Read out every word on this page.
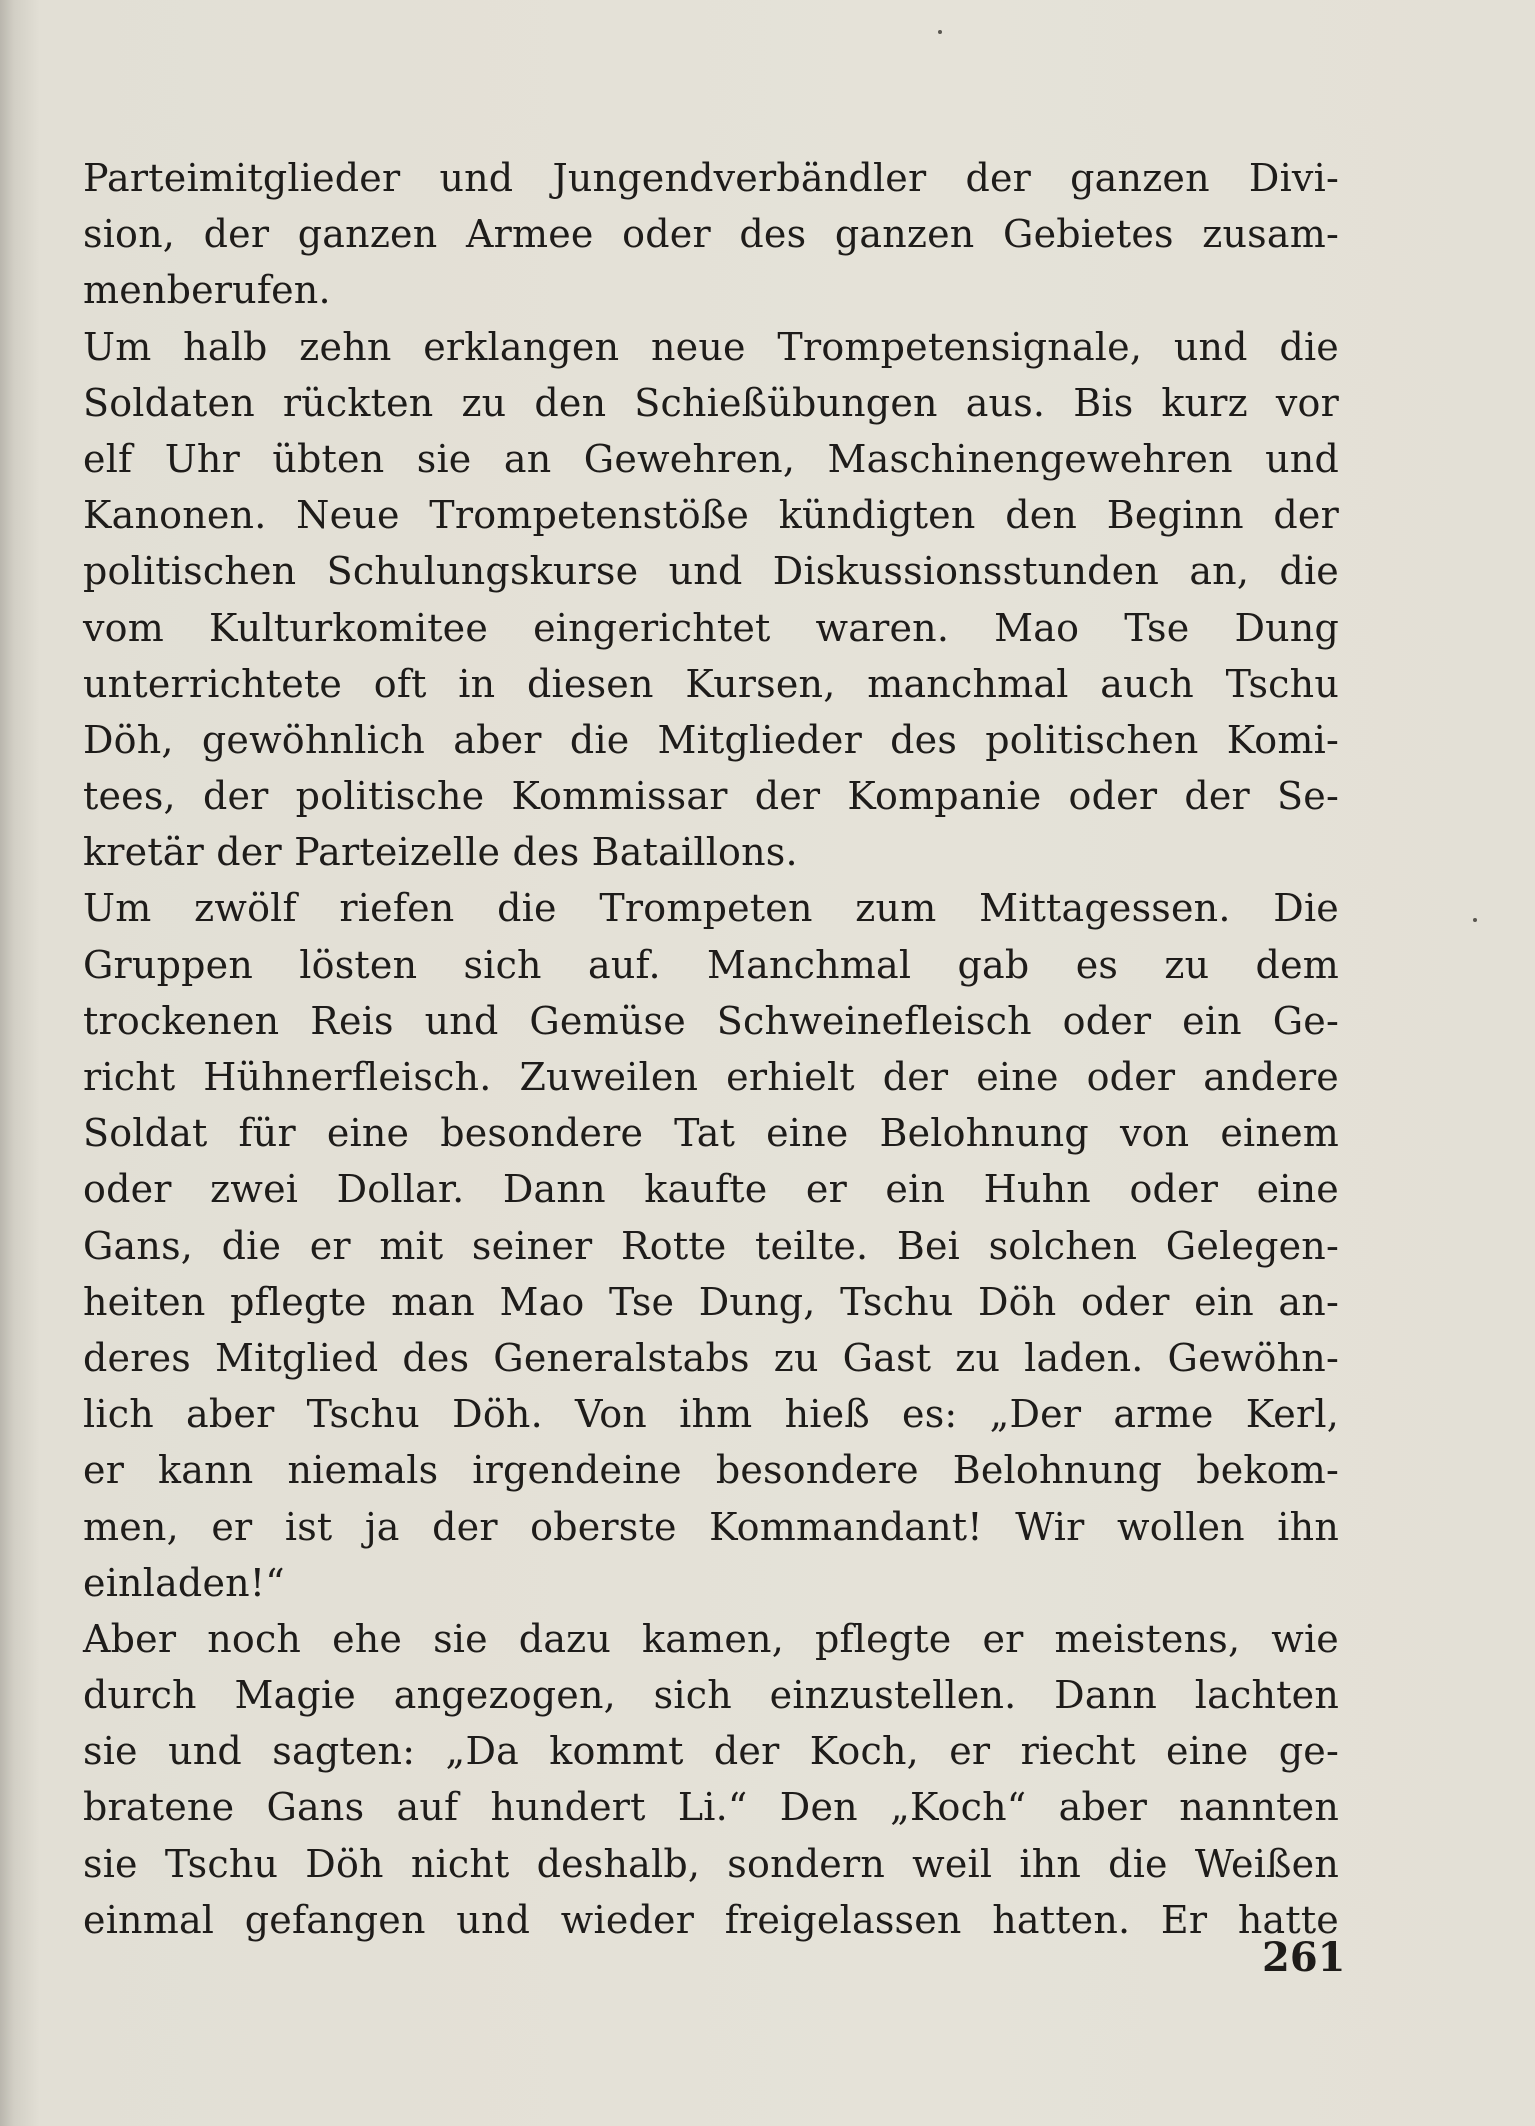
Parteimitglieder und Jungendverbändler der ganzen Divi-
sion, der ganzen Armee oder des ganzen Gebietes zusam-
menberufen.
Um halb zehn erklangen neue Trompetensignale, und die
Soldaten rückten zu den Schießübungen aus. Bis kurz vor
elf Uhr übten sie an Gewehren, Maschinengewehren und
Kanonen. Neue Trompetenstöße kündigten den Beginn der
politischen Schulungskurse und Diskussionsstunden an, die
vom Kulturkomitee eingerichtet waren. Mao Tse Dung
unterrichtete oft in diesen Kursen, manchmal auch Tschu
Döh, gewöhnlich aber die Mitglieder des politischen Komi-
tees, der politische Kommissar der Kompanie oder der Se-
kretär der Parteizelle des Bataillons.
Um zwölf riefen die Trompeten zum Mittagessen. Die
Gruppen lösten sich auf. Manchmal gab es zu dem
trockenen Reis und Gemüse Schweinefleisch oder ein Ge-
richt Hühnerfleisch. Zuweilen erhielt der eine oder andere
Soldat für eine besondere Tat eine Belohnung von einem
oder zwei Dollar. Dann kaufte er ein Huhn oder eine
Gans, die er mit seiner Rotte teilte. Bei solchen Gelegen-
heiten pflegte man Mao Tse Dung, Tschu Döh oder ein an-
deres Mitglied des Generalstabs zu Gast zu laden. Gewöhn-
lich aber Tschu Döh. Von ihm hieß es: „Der arme Kerl,
er kann niemals irgendeine besondere Belohnung bekom-
men, er ist ja der oberste Kommandant! Wir wollen ihn
einladen!“
Aber noch ehe sie dazu kamen, pflegte er meistens, wie
durch Magie angezogen, sich einzustellen. Dann lachten
sie und sagten: „Da kommt der Koch, er riecht eine ge-
bratene Gans auf hundert Li.“ Den „Koch“ aber nannten
sie Tschu Döh nicht deshalb, sondern weil ihn die Weißen
einmal gefangen und wieder freigelassen hatten. Er hatte
261
